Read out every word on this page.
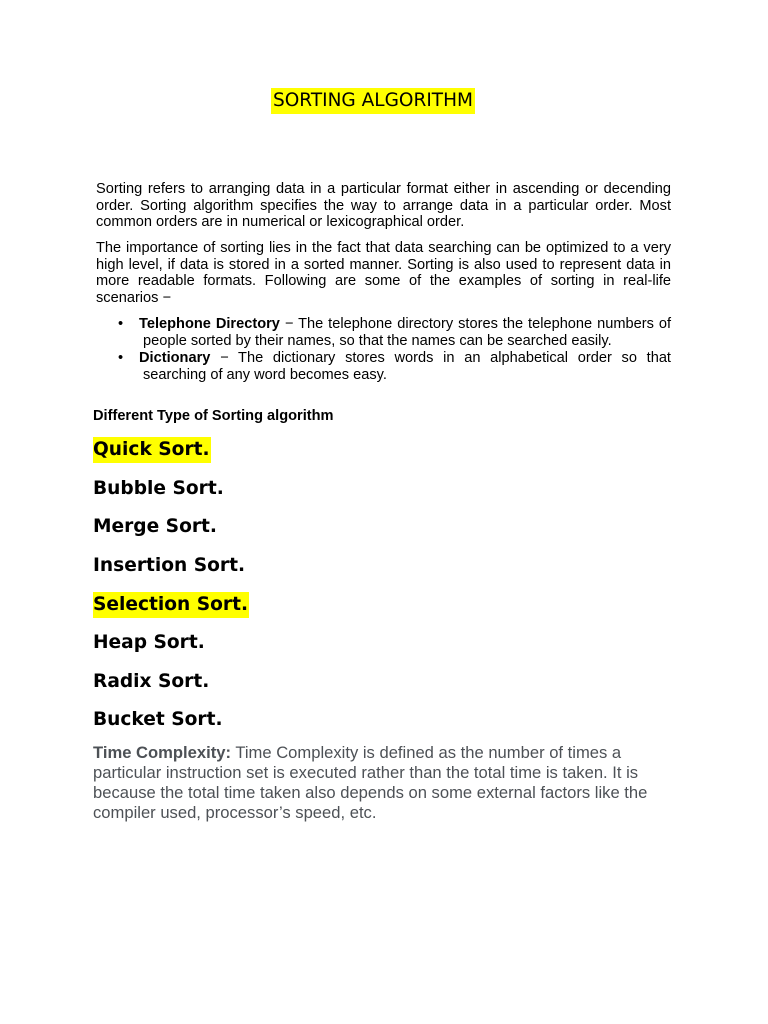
SORTING ALGORITHM

Sorting refers to arranging data in a particular format either in ascending or decending order. Sorting algorithm specifies the way to arrange data in a particular order. Most common orders are in numerical or lexicographical order.

The importance of sorting lies in the fact that data searching can be optimized to a very high level, if data is stored in a sorted manner. Sorting is also used to represent data in more readable formats. Following are some of the examples of sorting in real-life scenarios −

• Telephone Directory − The telephone directory stores the telephone numbers of people sorted by their names, so that the names can be searched easily.
• Dictionary − The dictionary stores words in an alphabetical order so that searching of any word becomes easy.
Different Type of Sorting algorithm
Quick Sort.
Bubble Sort.
Merge Sort.
Insertion Sort.
Selection Sort.
Heap Sort.
Radix Sort.
Bucket Sort.

Time Complexity: Time Complexity is defined as the number of times a particular instruction set is executed rather than the total time is taken. It is because the total time taken also depends on some external factors like the compiler used, processor’s speed, etc.
